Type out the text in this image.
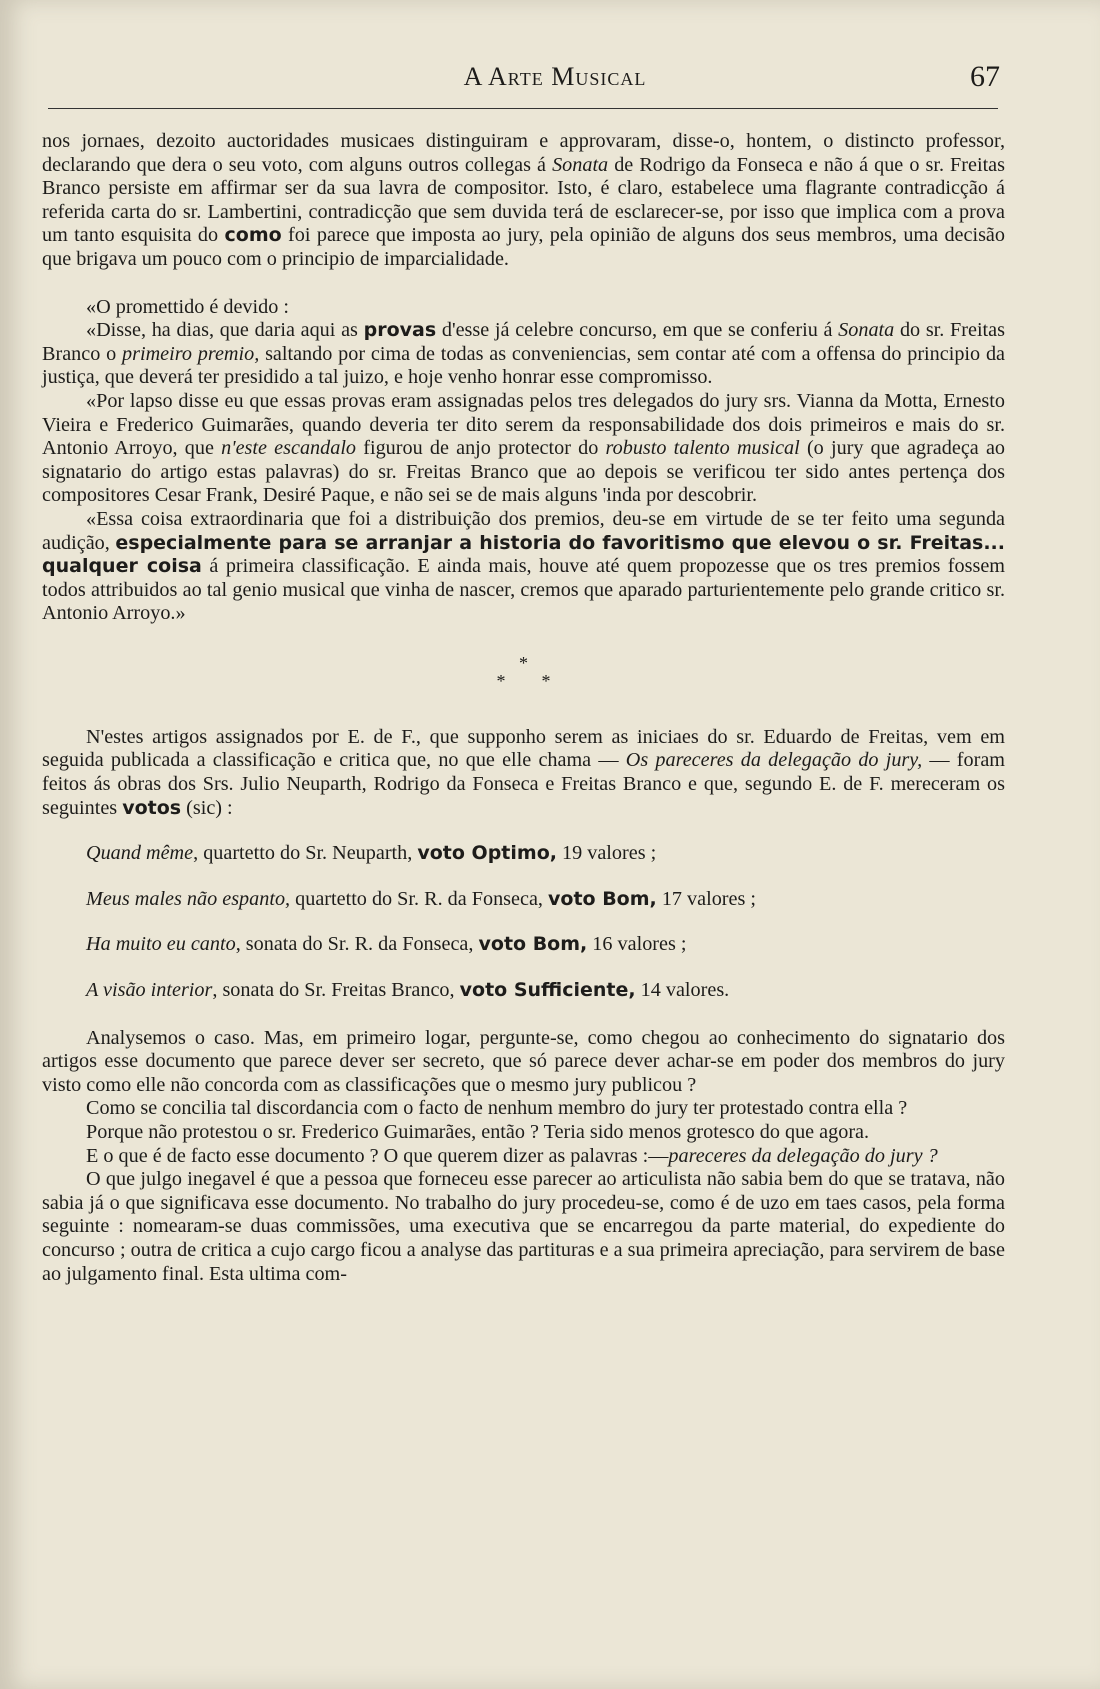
A Arte Musical	67

nos jornaes, dezoito auctoridades musicaes distinguiram e approvaram, disse-o, hontem, o distincto professor, declarando que dera o seu voto, com alguns outros collegas á Sonata de Rodrigo da Fonseca e não á que o sr. Freitas Branco persiste em affirmar ser da sua lavra de compositor. Isto, é claro, estabelece uma flagrante contradicção á referida carta do sr. Lambertini, contradicção que sem duvida terá de esclarecer-se, por isso que implica com a prova um tanto esquisita do como foi parece que imposta ao jury, pela opinião de alguns dos seus membros, uma decisão que brigava um pouco com o principio de imparcialidade.

«O promettido é devido :

«Disse, ha dias, que daria aqui as provas d'esse já celebre concurso, em que se conferiu á Sonata do sr. Freitas Branco o primeiro premio, saltando por cima de todas as conveniencias, sem contar até com a offensa do principio da justiça, que deverá ter presidido a tal juizo, e hoje venho honrar esse compromisso.

«Por lapso disse eu que essas provas eram assignadas pelos tres delegados do jury srs. Vianna da Motta, Ernesto Vieira e Frederico Guimarães, quando deveria ter dito serem da responsabilidade dos dois primeiros e mais do sr. Antonio Arroyo, que n'este escandalo figurou de anjo protector do robusto talento musical (o jury que agradeça ao signatario do artigo estas palavras) do sr. Freitas Branco que ao depois se verificou ter sido antes pertença dos compositores Cesar Frank, Desiré Paque, e não sei se de mais alguns 'inda por descobrir.

«Essa coisa extraordinaria que foi a distribuição dos premios, deu-se em virtude de se ter feito uma segunda audição, especialmente para se arranjar a historia do favoritismo que elevou o sr. Freitas... qualquer coisa á primeira classificação. E ainda mais, houve até quem propozesse que os tres premios fossem todos attribuidos ao tal genio musical que vinha de nascer, cremos que aparado parturientemente pelo grande critico sr. Antonio Arroyo.»

*
**

N'estes artigos assignados por E. de F., que supponho serem as iniciaes do sr. Eduardo de Freitas, vem em seguida publicada a classificação e critica que, no que elle chama — Os pareceres da delegação do jury, — foram feitos ás obras dos Srs. Julio Neuparth, Rodrigo da Fonseca e Freitas Branco e que, segundo E. de F. mereceram os seguintes votos (sic) :

Quand même, quartetto do Sr. Neuparth, voto Optimo, 19 valores ;

Meus males não espanto, quartetto do Sr. R. da Fonseca, voto Bom, 17 valores ;

Ha muito eu canto, sonata do Sr. R. da Fonseca, voto Bom, 16 valores ;

A visão interior, sonata do Sr. Freitas Branco, voto Sufficiente, 14 valores.

Analysemos o caso. Mas, em primeiro logar, pergunte-se, como chegou ao conhecimento do signatario dos artigos esse documento que parece dever ser secreto, que só parece dever achar-se em poder dos membros do jury visto como elle não concorda com as classificações que o mesmo jury publicou ?

Como se concilia tal discordancia com o facto de nenhum membro do jury ter protestado contra ella ?

Porque não protestou o sr. Frederico Guimarães, então ? Teria sido menos grotesco do que agora.

E o que é de facto esse documento ? O que querem dizer as palavras :—pareceres da delegação do jury ?

O que julgo inegavel é que a pessoa que forneceu esse parecer ao articulista não sabia bem do que se tratava, não sabia já o que significava esse documento. No trabalho do jury procedeu-se, como é de uzo em taes casos, pela forma seguinte : nomearam-se duas commissões, uma executiva que se encarregou da parte material, do expediente do concurso ; outra de critica a cujo cargo ficou a analyse das partituras e a sua primeira apreciação, para servirem de base ao julgamento final. Esta ultima com-
